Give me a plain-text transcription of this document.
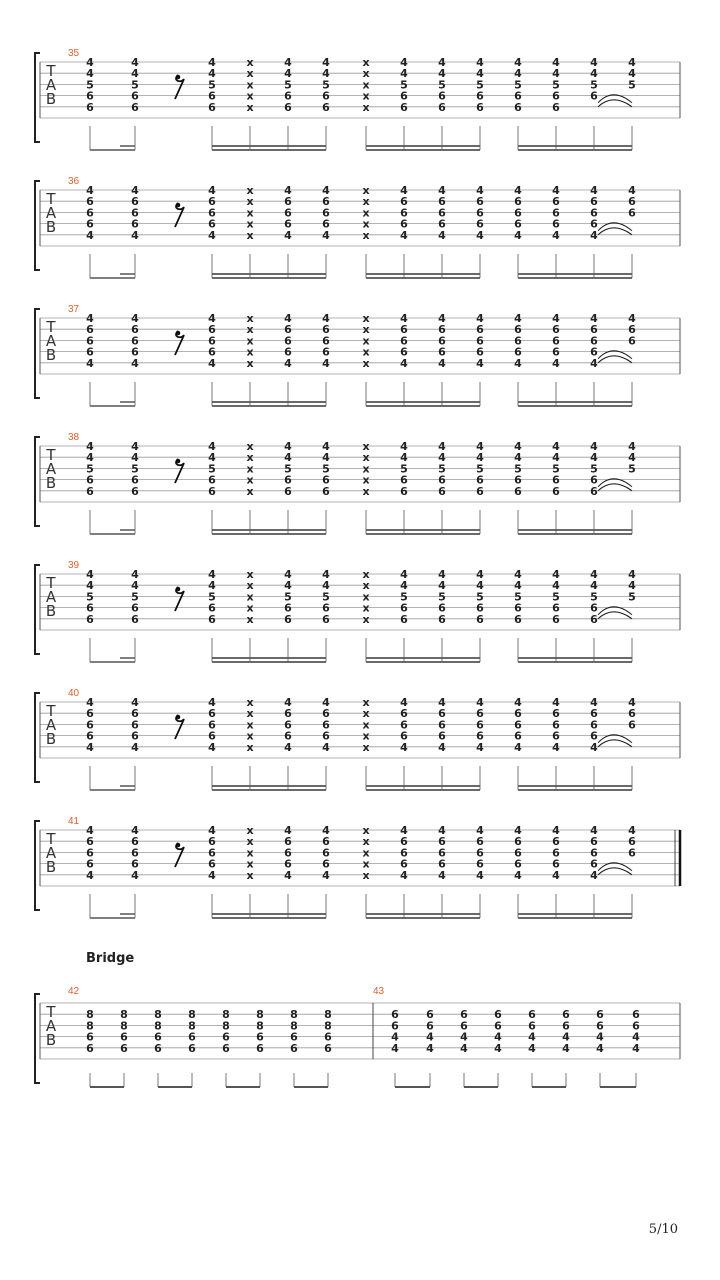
T
A
B
35
4
4
5
6
6
4
4
5
6
6
4
4
5
6
6
x
x
x
x
x
4
4
5
6
6
4
4
5
6
6
x
x
x
x
x
4
4
5
6
6
4
4
5
6
6
4
4
5
6
6
4
4
5
6
6
4
4
5
6
6
4
4
5
6
4
4
5
T
A
B
36
4
6
6
6
4
4
6
6
6
4
4
6
6
6
4
x
x
x
x
x
4
6
6
6
4
4
6
6
6
4
x
x
x
x
x
4
6
6
6
4
4
6
6
6
4
4
6
6
6
4
4
6
6
6
4
4
6
6
6
4
4
6
6
6
4
4
6
6
T
A
B
37
4
6
6
6
4
4
6
6
6
4
4
6
6
6
4
x
x
x
x
x
4
6
6
6
4
4
6
6
6
4
x
x
x
x
x
4
6
6
6
4
4
6
6
6
4
4
6
6
6
4
4
6
6
6
4
4
6
6
6
4
4
6
6
6
4
4
6
6
T
A
B
38
4
4
5
6
6
4
4
5
6
6
4
4
5
6
6
x
x
x
x
x
4
4
5
6
6
4
4
5
6
6
x
x
x
x
x
4
4
5
6
6
4
4
5
6
6
4
4
5
6
6
4
4
5
6
6
4
4
5
6
6
4
4
5
6
6
4
4
5
T
A
B
39
4
4
5
6
6
4
4
5
6
6
4
4
5
6
6
x
x
x
x
x
4
4
5
6
6
4
4
5
6
6
x
x
x
x
x
4
4
5
6
6
4
4
5
6
6
4
4
5
6
6
4
4
5
6
6
4
4
5
6
6
4
4
5
6
6
4
4
5
T
A
B
40
4
6
6
6
4
4
6
6
6
4
4
6
6
6
4
x
x
x
x
x
4
6
6
6
4
4
6
6
6
4
x
x
x
x
x
4
6
6
6
4
4
6
6
6
4
4
6
6
6
4
4
6
6
6
4
4
6
6
6
4
4
6
6
6
4
4
6
6
T
A
B
41
4
6
6
6
4
4
6
6
6
4
4
6
6
6
4
x
x
x
x
x
4
6
6
6
4
4
6
6
6
4
x
x
x
x
x
4
6
6
6
4
4
6
6
6
4
4
6
6
6
4
4
6
6
6
4
4
6
6
6
4
4
6
6
6
4
4
6
6
T
A
B
42
8
8
6
6
8
8
6
6
8
8
6
6
8
8
6
6
8
8
6
6
8
8
6
6
8
8
6
6
8
8
6
6
43
6
6
4
4
6
6
4
4
6
6
4
4
6
6
4
4
6
6
4
4
6
6
4
4
6
6
4
4
6
6
4
4
Bridge
5/10
